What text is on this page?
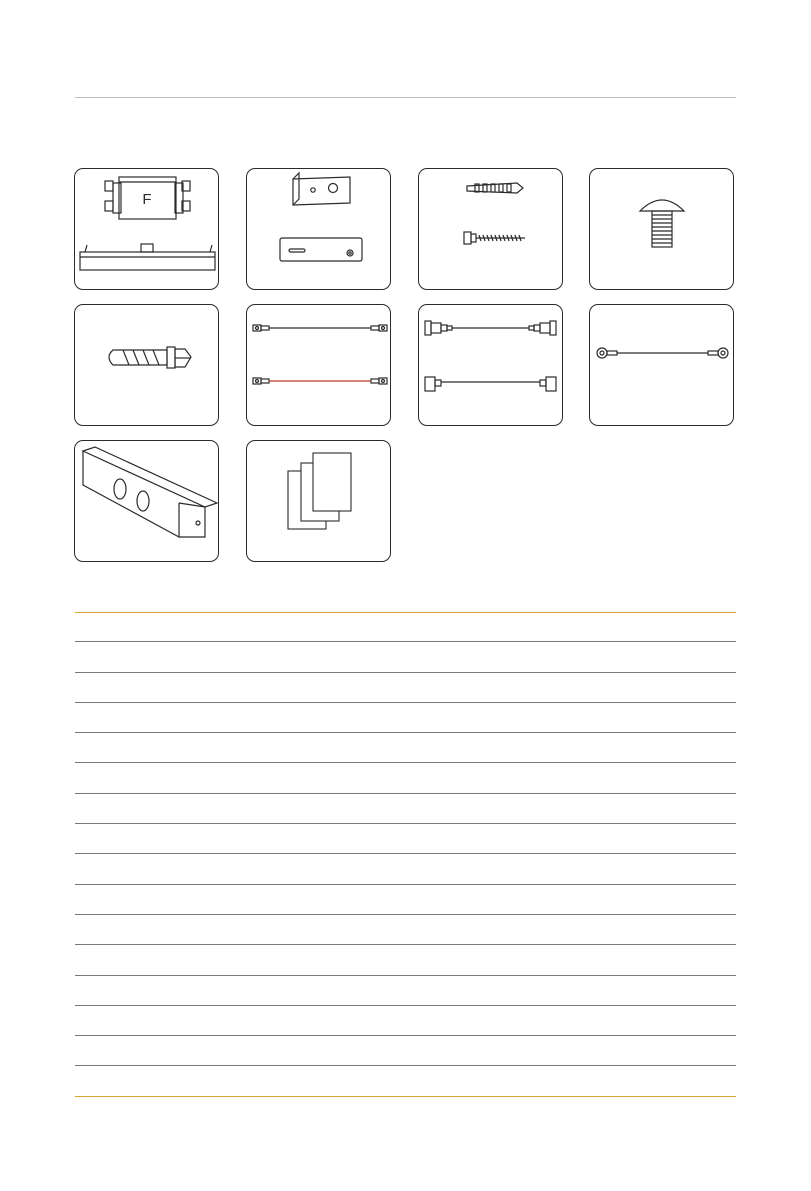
F
